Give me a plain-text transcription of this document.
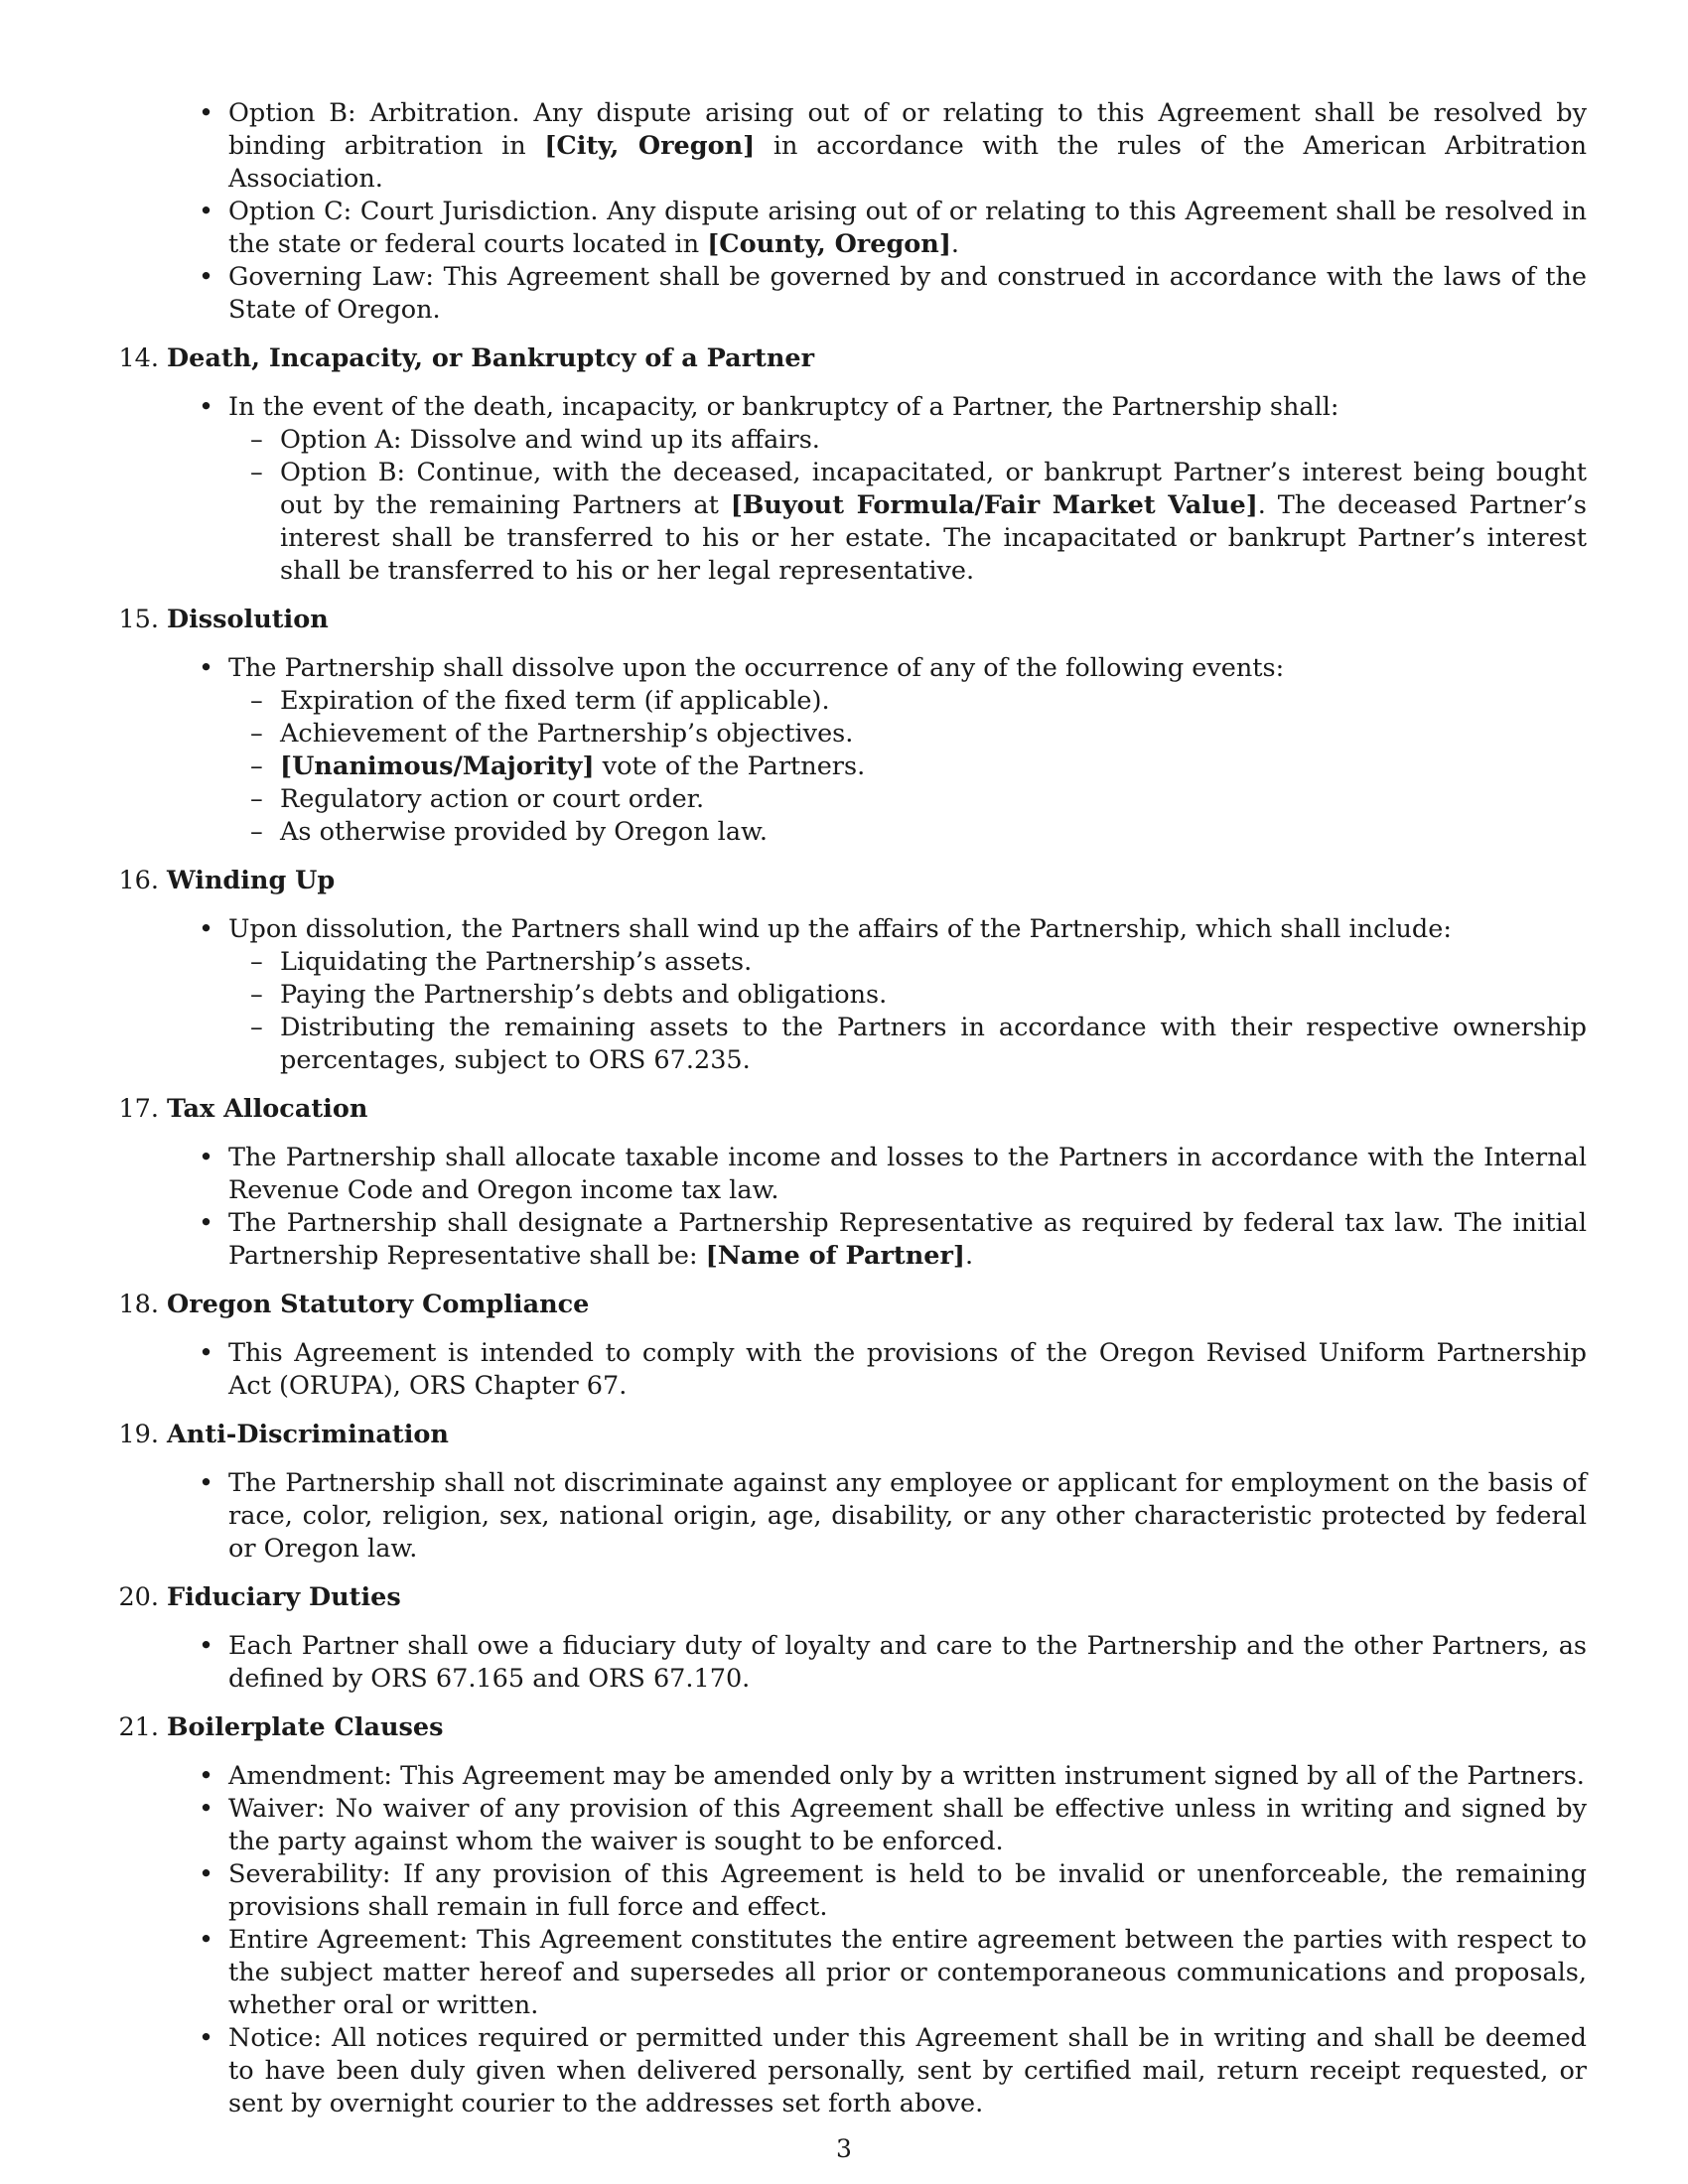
• Option B: Arbitration. Any dispute arising out of or relating to this Agreement shall be resolved by binding arbitration in [City, Oregon] in accordance with the rules of the American Arbitration Association.
• Option C: Court Jurisdiction. Any dispute arising out of or relating to this Agreement shall be resolved in the state or federal courts located in [County, Oregon].
• Governing Law: This Agreement shall be governed by and construed in accordance with the laws of the State of Oregon.
14. Death, Incapacity, or Bankruptcy of a Partner
• In the event of the death, incapacity, or bankruptcy of a Partner, the Partnership shall:
– Option A: Dissolve and wind up its affairs.
– Option B: Continue, with the deceased, incapacitated, or bankrupt Partner’s interest being bought out by the remaining Partners at [Buyout Formula/Fair Market Value]. The deceased Partner’s interest shall be transferred to his or her estate. The incapacitated or bankrupt Partner’s interest shall be transferred to his or her legal representative.
15. Dissolution
• The Partnership shall dissolve upon the occurrence of any of the following events:
– Expiration of the fixed term (if applicable).
– Achievement of the Partnership’s objectives.
– [Unanimous/Majority] vote of the Partners.
– Regulatory action or court order.
– As otherwise provided by Oregon law.
16. Winding Up
• Upon dissolution, the Partners shall wind up the affairs of the Partnership, which shall include:
– Liquidating the Partnership’s assets.
– Paying the Partnership’s debts and obligations.
– Distributing the remaining assets to the Partners in accordance with their respective ownership percentages, subject to ORS 67.235.
17. Tax Allocation
• The Partnership shall allocate taxable income and losses to the Partners in accordance with the Internal Revenue Code and Oregon income tax law.
• The Partnership shall designate a Partnership Representative as required by federal tax law. The initial Partnership Representative shall be: [Name of Partner].
18. Oregon Statutory Compliance
• This Agreement is intended to comply with the provisions of the Oregon Revised Uniform Partnership Act (ORUPA), ORS Chapter 67.
19. Anti-Discrimination
• The Partnership shall not discriminate against any employee or applicant for employment on the basis of race, color, religion, sex, national origin, age, disability, or any other characteristic protected by federal or Oregon law.
20. Fiduciary Duties
• Each Partner shall owe a fiduciary duty of loyalty and care to the Partnership and the other Partners, as defined by ORS 67.165 and ORS 67.170.
21. Boilerplate Clauses
• Amendment: This Agreement may be amended only by a written instrument signed by all of the Partners.
• Waiver: No waiver of any provision of this Agreement shall be effective unless in writing and signed by the party against whom the waiver is sought to be enforced.
• Severability: If any provision of this Agreement is held to be invalid or unenforceable, the remaining provisions shall remain in full force and effect.
• Entire Agreement: This Agreement constitutes the entire agreement between the parties with respect to the subject matter hereof and supersedes all prior or contemporaneous communications and proposals, whether oral or written.
• Notice: All notices required or permitted under this Agreement shall be in writing and shall be deemed to have been duly given when delivered personally, sent by certified mail, return receipt requested, or sent by overnight courier to the addresses set forth above.
3
